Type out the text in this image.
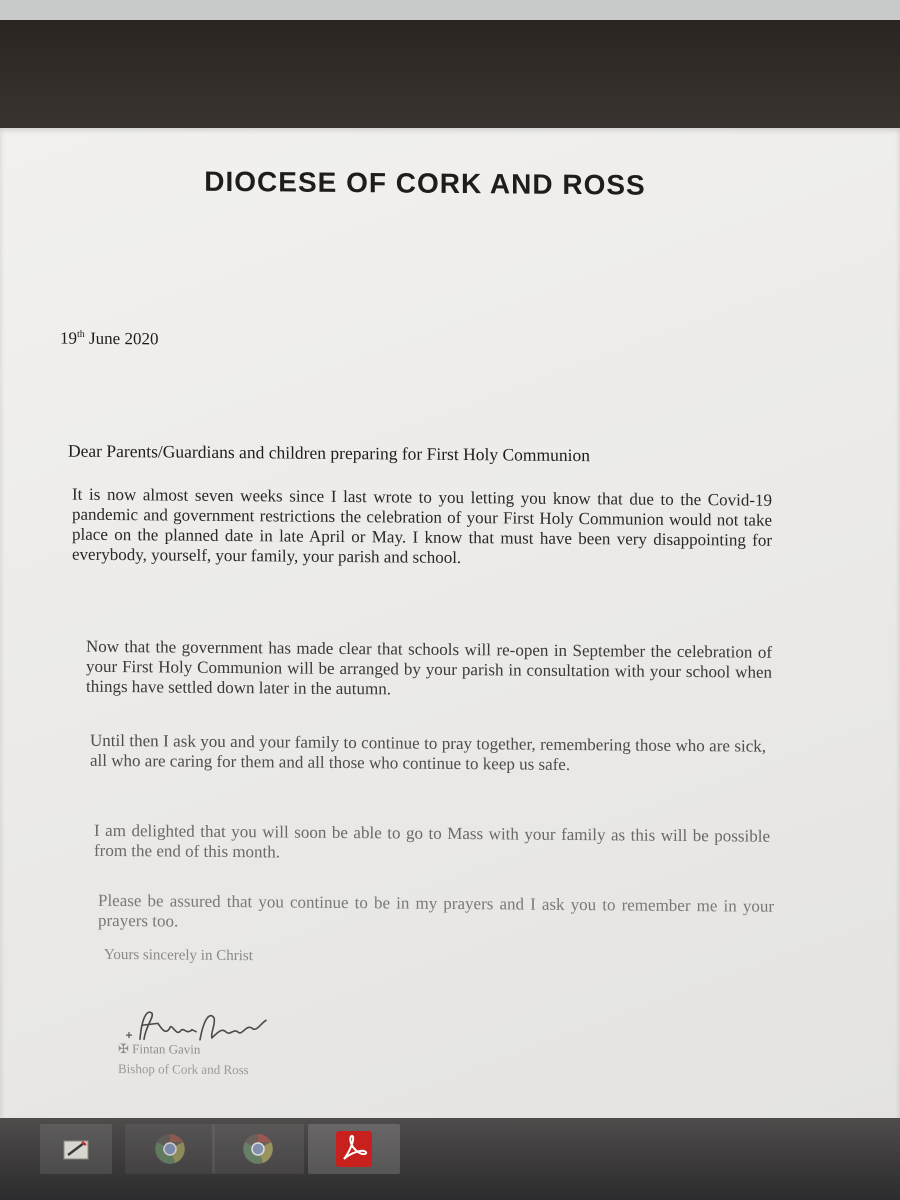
DIOCESE OF CORK AND ROSS
19th June 2020
Dear Parents/Guardians and children preparing for First Holy Communion

It is now almost seven weeks since I last wrote to you letting you know that due to the Covid-19 pandemic and government restrictions the celebration of your First Holy Communion would not take place on the planned date in late April or May. I know that must have been very disappointing for everybody, yourself, your family, your parish and school.

Now that the government has made clear that schools will re-open in September the celebration of your First Holy Communion will be arranged by your parish in consultation with your school when things have settled down later in the autumn.

Until then I ask you and your family to continue to pray together, remembering those who are sick, all who are caring for them and all those who continue to keep us safe.

I am delighted that you will soon be able to go to Mass with your family as this will be possible from the end of this month.

Please be assured that you continue to be in my prayers and I ask you to remember me in your prayers too.

Yours sincerely in Christ
✠ Fintan Gavin
Bishop of Cork and Ross
